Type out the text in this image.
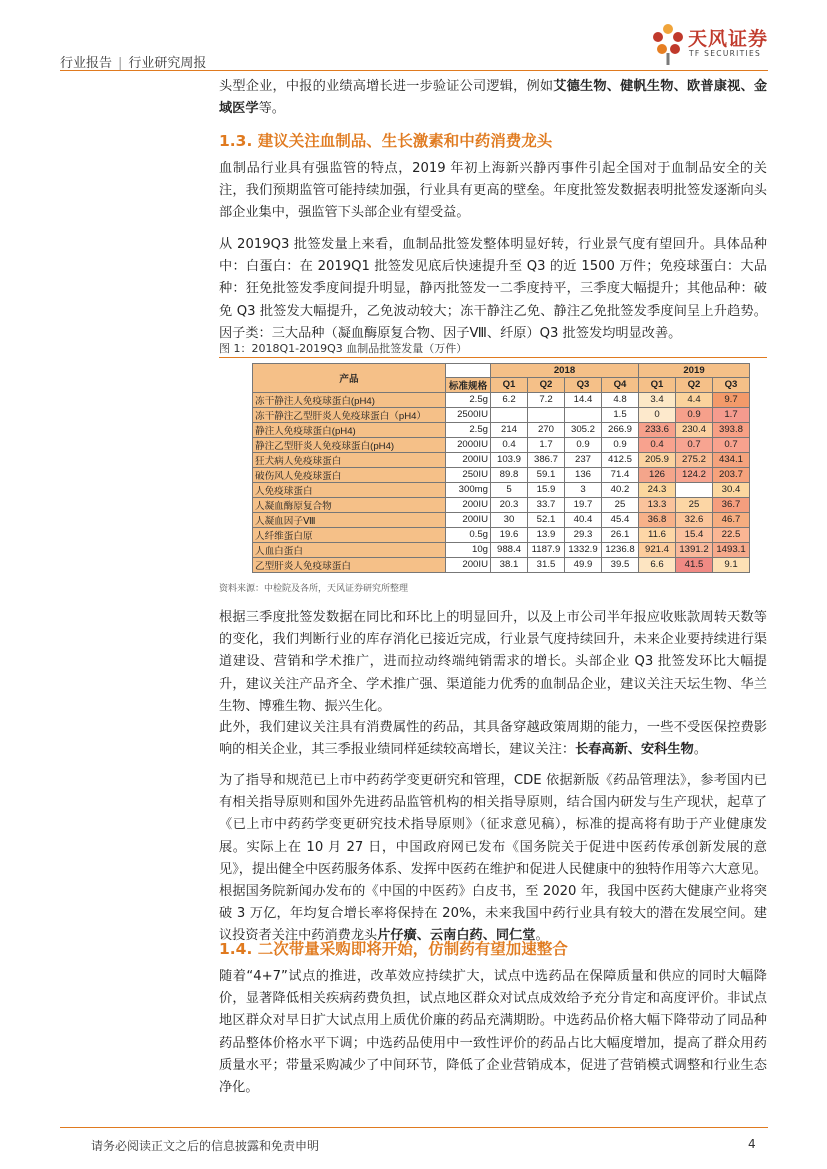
行业报告 | 行业研究周报
天风证券
TF SECURITIES
头型企业，中报的业绩高增长进一步验证公司逻辑，例如艾德生物、健帆生物、欧普康视、金域医学等。
1.3. 建议关注血制品、生长激素和中药消费龙头
血制品行业具有强监管的特点，2019 年初上海新兴静丙事件引起全国对于血制品安全的关注，我们预期监管可能持续加强，行业具有更高的壁垒。年度批签发数据表明批签发逐渐向头部企业集中，强监管下头部企业有望受益。
从 2019Q3 批签发量上来看，血制品批签发整体明显好转，行业景气度有望回升。具体品种中：白蛋白：在 2019Q1 批签发见底后快速提升至 Q3 的近 1500 万件；免疫球蛋白：大品种：狂免批签发季度间提升明显，静丙批签发一二季度持平，三季度大幅提升；其他品种：破免 Q3 批签发大幅提升，乙免波动较大；冻干静注乙免、静注乙免批签发季度间呈上升趋势。因子类：三大品种（凝血酶原复合物、因子Ⅷ、纤原）Q3 批签发均明显改善。
图 1：2018Q1-2019Q3 血制品批签发量（万件）
产品		2018				2019		
	标准规格	Q1	Q2	Q3	Q4	Q1	Q2	Q3
冻干静注人免疫球蛋白(pH4)	2.5g	6.2	7.2	14.4	4.8	3.4	4.4	9.7
冻干静注乙型肝炎人免疫球蛋白（pH4）	2500IU				1.5	0	0.9	1.7
静注人免疫球蛋白(pH4)	2.5g	214	270	305.2	266.9	233.6	230.4	393.8
静注乙型肝炎人免疫球蛋白(pH4)	2000IU	0.4	1.7	0.9	0.9	0.4	0.7	0.7
狂犬病人免疫球蛋白	200IU	103.9	386.7	237	412.5	205.9	275.2	434.1
破伤风人免疫球蛋白	250IU	89.8	59.1	136	71.4	126	124.2	203.7
人免疫球蛋白	300mg	5	15.9	3	40.2	24.3		30.4
人凝血酶原复合物	200IU	20.3	33.7	19.7	25	13.3	25	36.7
人凝血因子Ⅷ	200IU	30	52.1	40.4	45.4	36.8	32.6	46.7
人纤维蛋白原	0.5g	19.6	13.9	29.3	26.1	11.6	15.4	22.5
人血白蛋白	10g	988.4	1187.9	1332.9	1236.8	921.4	1391.2	1493.1
乙型肝炎人免疫球蛋白	200IU	38.1	31.5	49.9	39.5	6.6	41.5	9.1
资料来源：中检院及各所，天风证券研究所整理
根据三季度批签发数据在同比和环比上的明显回升，以及上市公司半年报应收账款周转天数等的变化，我们判断行业的库存消化已接近完成，行业景气度持续回升，未来企业要持续进行渠道建设、营销和学术推广，进而拉动终端纯销需求的增长。头部企业 Q3 批签发环比大幅提升，建议关注产品齐全、学术推广强、渠道能力优秀的血制品企业，建议关注天坛生物、华兰生物、博雅生物、振兴生化。
此外，我们建议关注具有消费属性的药品，其具备穿越政策周期的能力，一些不受医保控费影响的相关企业，其三季报业绩同样延续较高增长，建议关注：长春高新、安科生物。
为了指导和规范已上市中药药学变更研究和管理，CDE 依据新版《药品管理法》，参考国内已有相关指导原则和国外先进药品监管机构的相关指导原则，结合国内研发与生产现状，起草了《已上市中药药学变更研究技术指导原则》（征求意见稿），标准的提高将有助于产业健康发展。实际上在 10 月 27 日，中国政府网已发布《国务院关于促进中医药传承创新发展的意见》，提出健全中医药服务体系、发挥中医药在维护和促进人民健康中的独特作用等六大意见。根据国务院新闻办发布的《中国的中医药》白皮书，至 2020 年，我国中医药大健康产业将突破 3 万亿，年均复合增长率将保持在 20%，未来我国中药行业具有较大的潜在发展空间。建议投资者关注中药消费龙头片仔癀、云南白药、同仁堂。
1.4. 二次带量采购即将开始，仿制药有望加速整合
随着“4+7”试点的推进，改革效应持续扩大，试点中选药品在保障质量和供应的同时大幅降价，显著降低相关疾病药费负担，试点地区群众对试点成效给予充分肯定和高度评价。非试点地区群众对早日扩大试点用上质优价廉的药品充满期盼。中选药品价格大幅下降带动了同品种药品整体价格水平下调；中选药品使用中一致性评价的药品占比大幅度增加，提高了群众用药质量水平；带量采购减少了中间环节，降低了企业营销成本，促进了营销模式调整和行业生态净化。
请务必阅读正文之后的信息披露和免责申明	4
